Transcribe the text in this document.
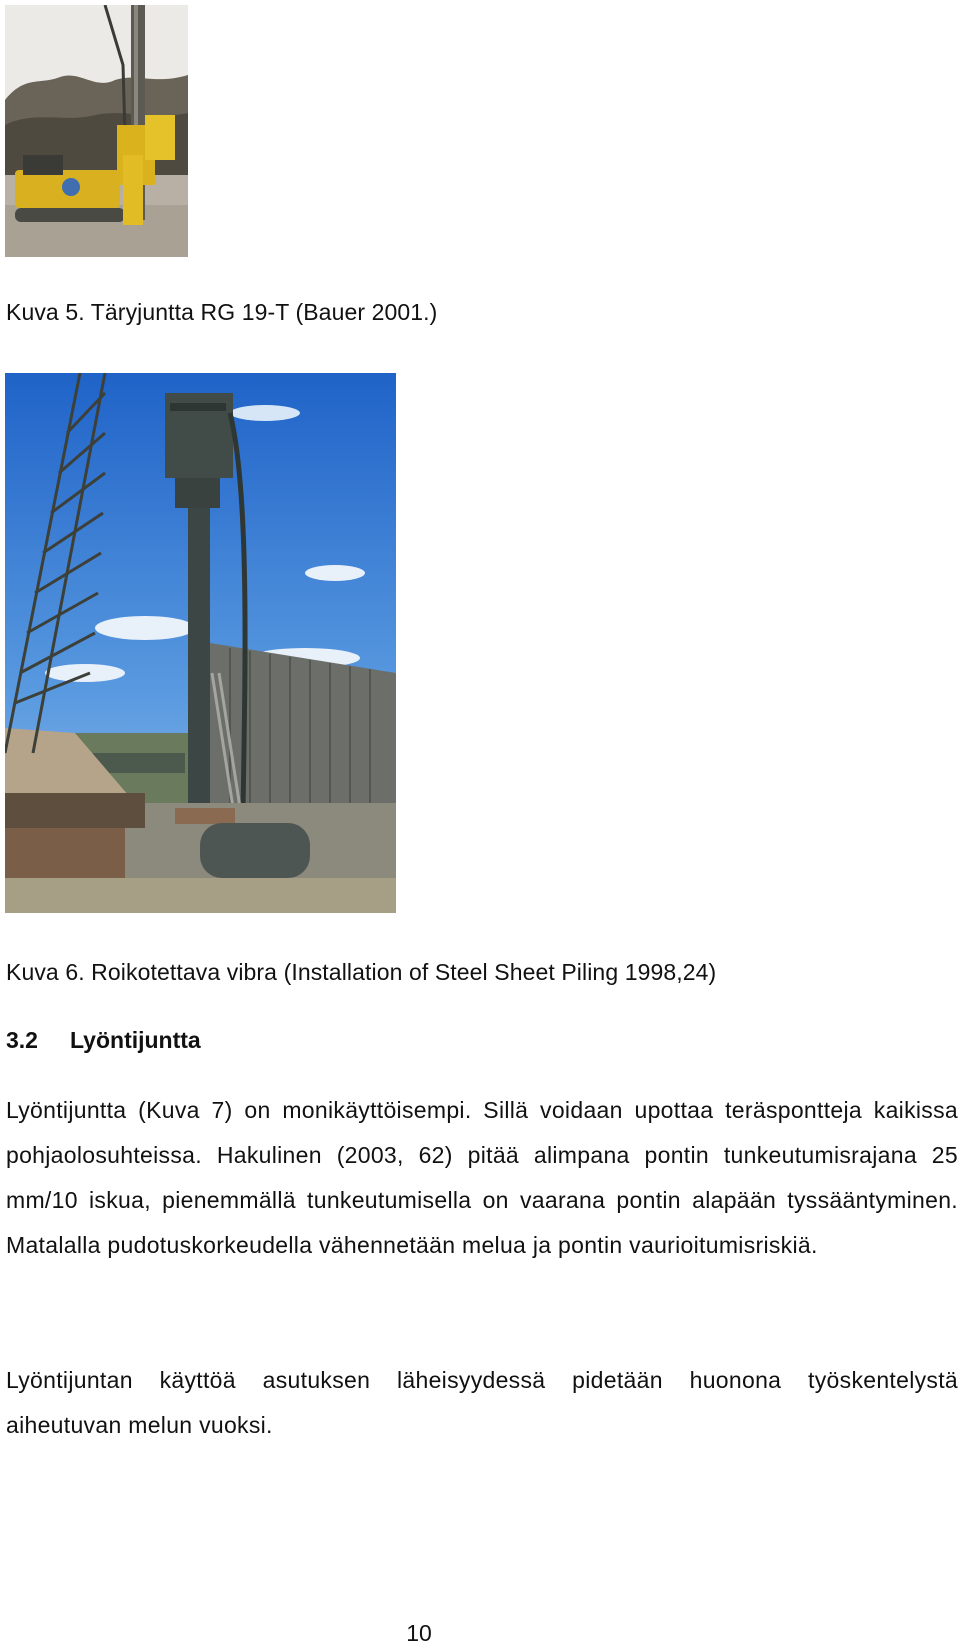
Kuva 5. Täryjuntta RG 19-T (Bauer 2001.)
Kuva 6. Roikotettava vibra (Installation of Steel Sheet Piling 1998,24)
3.2 Lyöntijuntta
Lyöntijuntta (Kuva 7) on monikäyttöisempi. Sillä voidaan upottaa teräspontteja kaikissa pohjaolosuhteissa. Hakulinen (2003, 62) pitää alimpana pontin tunkeutumisrajana 25 mm/10 iskua, pienemmällä tunkeutumisella on vaarana pontin alapään tyssääntyminen. Matalalla pudotuskorkeudella vähennetään melua ja pontin vaurioitumisriskiä.
Lyöntijuntan käyttöä asutuksen läheisyydessä pidetään huonona työskentelystä aiheutuvan melun vuoksi.
10
